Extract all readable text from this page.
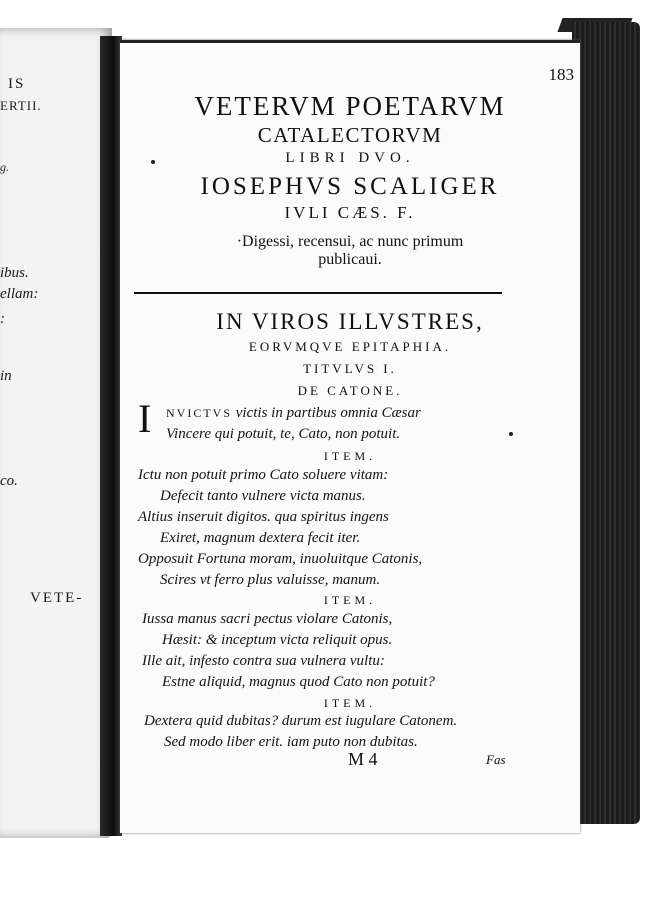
IS
ERTII.
g.
ibus.
ellam:
:
in
co.
VETE-
183
VETERVM POETARVM
CATALECTORVM
LIBRI DVO.
IOSEPHVS SCALIGER
IVLI CÆS. F.
·Digessi, recensui, ac nunc primum
publicaui.
IN VIROS ILLVSTRES,
EORVMQVE EPITAPHIA.
TITVLVS I.
DE CATONE.
I NVICTVS victis in partibus omnia Cæsar
Vincere qui potuit, te, Cato, non potuit.
ITEM.
Ictu non potuit primo Cato soluere vitam:
Defecit tanto vulnere victa manus.
Altius inseruit digitos. qua spiritus ingens
Exiret, magnum dextera fecit iter.
Opposuit Fortuna moram, inuoluitque Catonis,
Scires vt ferro plus valuisse, manum.
ITEM.
Iussa manus sacri pectus violare Catonis,
Hæsit: & inceptum victa reliquit opus.
Ille ait, infesto contra sua vulnera vultu:
Estne aliquid, magnus quod Cato non potuit?
ITEM.
Dextera quid dubitas? durum est iugulare Catonem.
Sed modo liber erit. iam puto non dubitas.
M 4	Fas
